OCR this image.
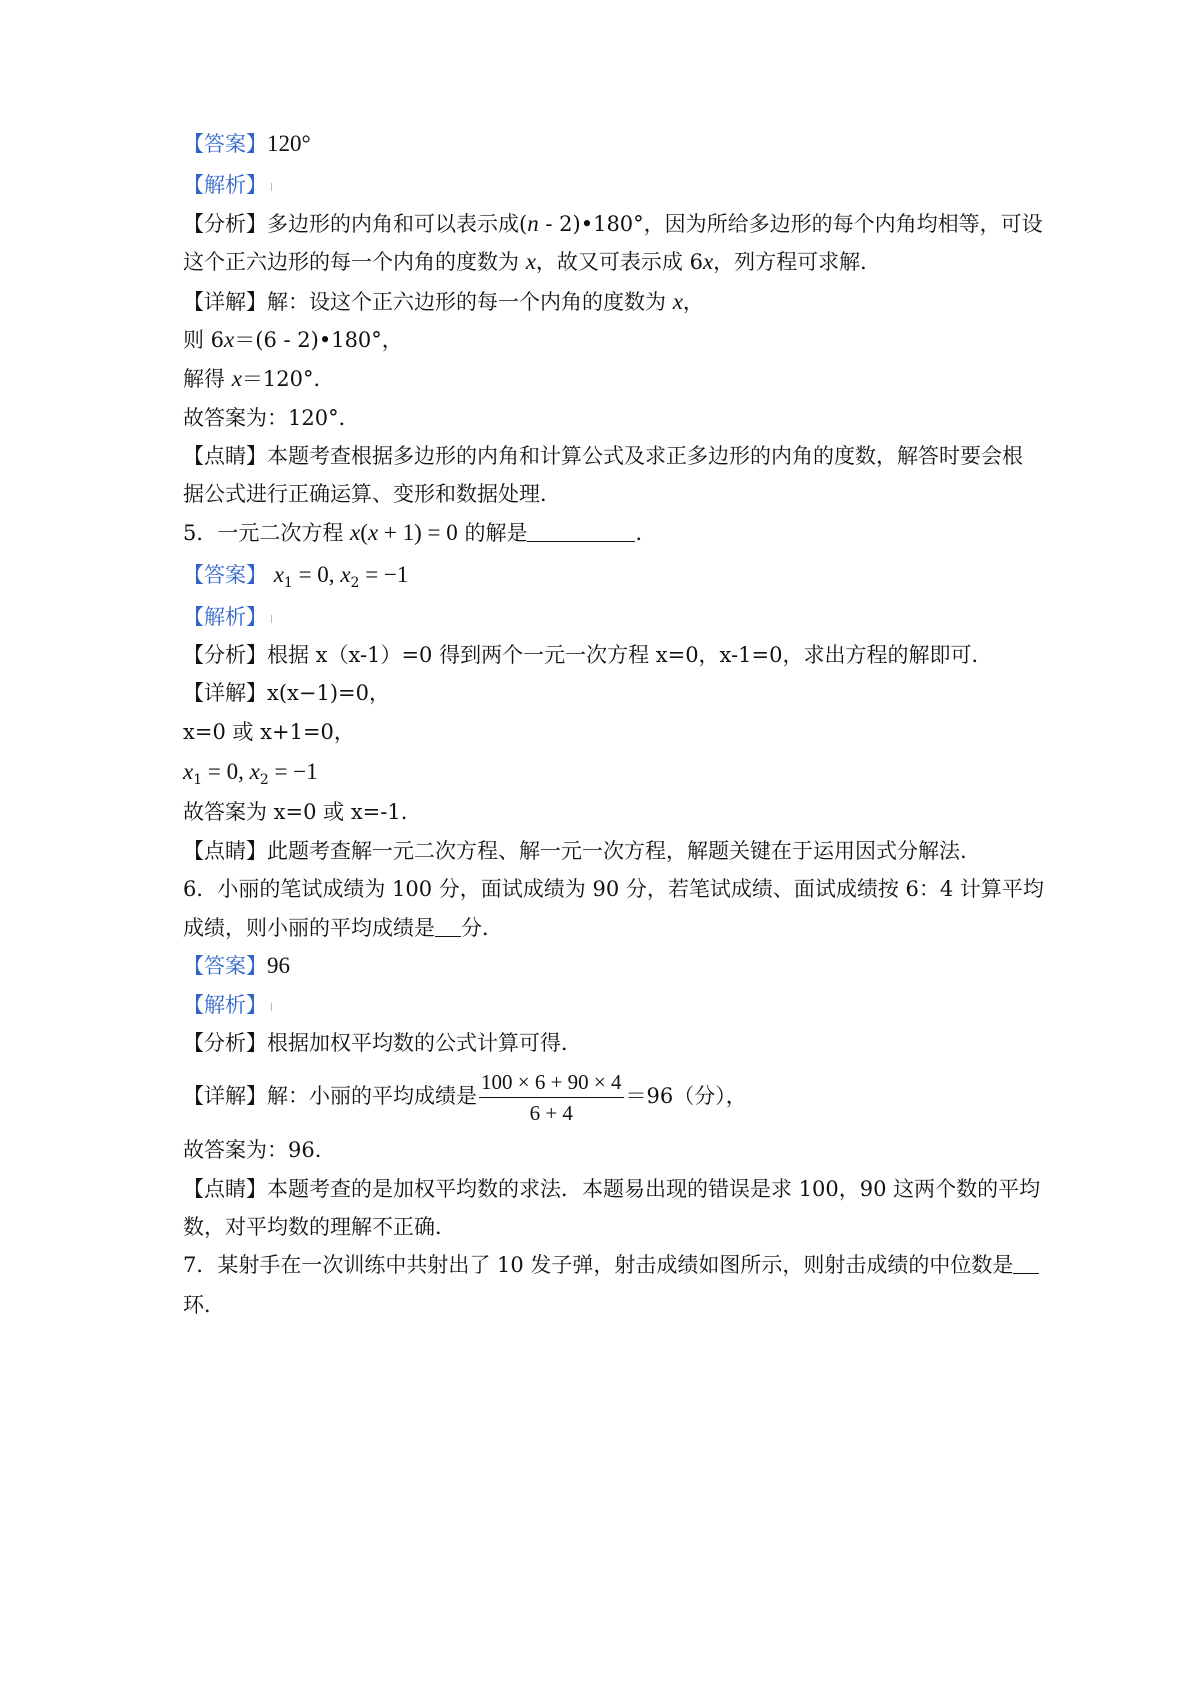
【答案】120°
【解析】
【分析】多边形的内角和可以表示成(n ‐ 2)•180°，因为所给多边形的每个内角均相等，可设
这个正六边形的每一个内角的度数为 x，故又可表示成 6x，列方程可求解．
【详解】解：设这个正六边形的每一个内角的度数为 x，
则 6x＝(6 ‐ 2)•180°，
解得 x＝120°．
故答案为：120°．
【点睛】本题考查根据多边形的内角和计算公式及求正多边形的内角的度数，解答时要会根
据公式进行正确运算、变形和数据处理．
5．一元二次方程 x(x + 1) = 0 的解是	．
【答案】 $x_1 = 0$, $x_2 = -1$
【解析】
【分析】根据 x（x-1）=0 得到两个一元一次方程 x=0，x-1=0，求出方程的解即可．
【详解】x(x−1)=0，
x=0 或 x+1=0，
$x_1 = 0$, $x_2 = -1$
故答案为 x=0 或 x=-1.
【点睛】此题考查解一元二次方程、解一元一次方程，解题关键在于运用因式分解法.
6．小丽的笔试成绩为 100 分，面试成绩为 90 分，若笔试成绩、面试成绩按 6：4 计算平均
成绩，则小丽的平均成绩是 分．
【答案】96
【解析】
【分析】根据加权平均数的公式计算可得．
【详解】解：小丽的平均成绩是 $\frac{100 \times 6 + 90 \times 4}{6 + 4} =96$（分），
故答案为：96．
【点睛】本题考查的是加权平均数的求法．本题易出现的错误是求 100，90 这两个数的平均
数，对平均数的理解不正确．
7．某射手在一次训练中共射出了 10 发子弹，射击成绩如图所示，则射击成绩的中位数是
环．
